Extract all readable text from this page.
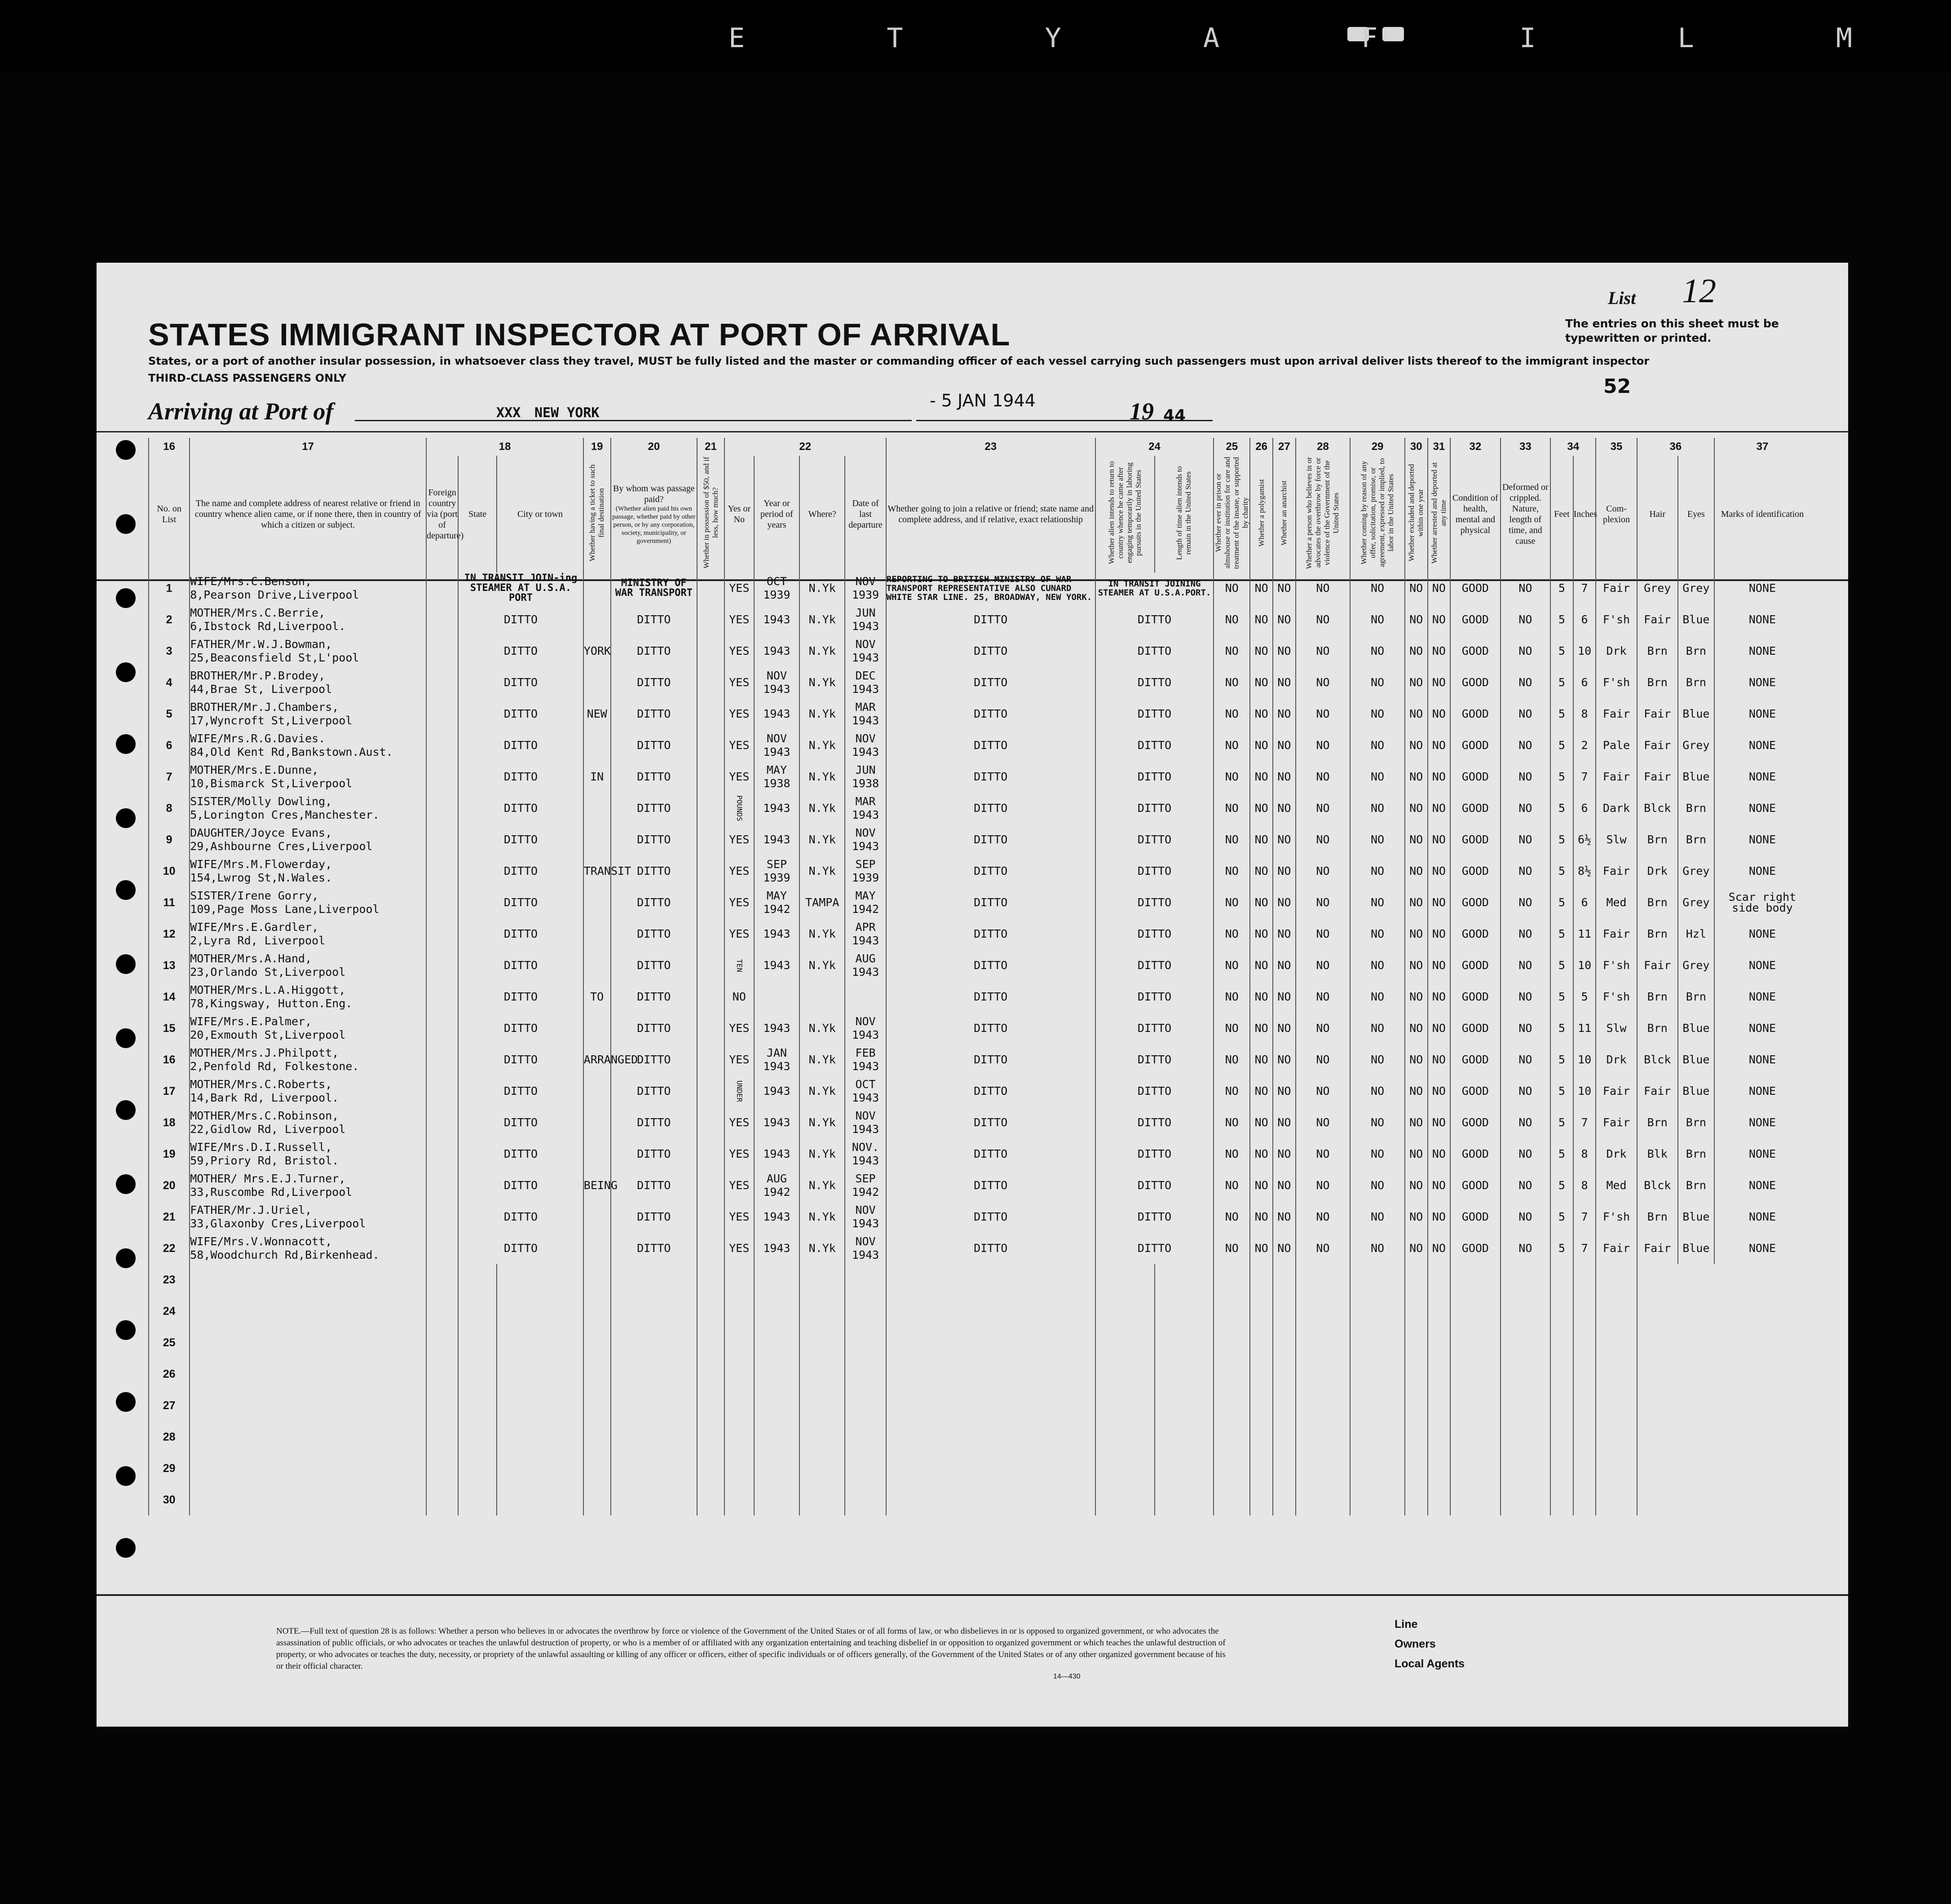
E T Y A F I L M
List 12
STATES IMMIGRANT INSPECTOR AT PORT OF ARRIVAL	The entries on this sheet must be typewritten or printed.
States, or a port of another insular possession, in whatsoever class they travel, MUST be fully listed and the master or commanding officer of each vessel carrying such passengers must upon arrival deliver lists thereof to the immigrant inspector
THIRD-CLASS PASSENGERS ONLY	52
Arriving at Port of	XXX NEW YORK
- 5 JAN 1944	19 44
16	17	18			19	20	21	22				23	24		25	26	27	28	29	30	31	32	33	34		35	36		37
No. on List	The name and complete address of nearest relative or friend in country whence alien came, or if none there, then in country of which a citizen or subject.	Foreign country via (port of departure)	State	City or town	Whether having a ticket to such final destination	By whom was passage paid?
(Whether alien paid his own passage, whether paid by other person, or by any corporation, society, municipality, or government)	Whether in possession of $50, and if less, how much?	Yes or No	Year or period of years	Where?	Date of last departure	Whether going to join a relative or friend; state name and complete address, and if relative, exact relationship	Whether alien intends to return to country whence he came after engaging temporarily in laboring pursuits in the United States	Length of time alien intends to remain in the United States	Whether ever in prison or almshouse or institution for care and treatment of the insane, or supported by charity	Whether a polygamist	Whether an anarchist	Whether a person who believes in or advocates the overthrow by force or violence of the Government of the United States	Whether coming by reason of any offer, solicitation, promise, or agreement, expressed or implied, to labor in the United States	Whether excluded and deported within one year	Whether arrested and deported at any time	Condition of health, mental and physical	Deformed or crippled. Nature, length of time, and cause	Feet	Inches	Com-plexion	Hair	Eyes	Marks of identification
1	WIFE/Mrs.C.Benson,
8,Pearson Drive,Liverpool		IN TRANSIT JOIN-ing STEAMER AT U.S.A. PORT			MINISTRY OF WAR TRANSPORT		YES	OCT 1939	N.Yk	NOV 1939	REPORTING TO BRITISH MINISTRY OF WAR TRANSPORT REPRESENTATIVE ALSO CUNARD WHITE STAR LINE. 25, BROADWAY, NEW YORK.	IN TRANSIT JOINING STEAMER AT U.S.A.PORT.		NO	NO	NO	NO	NO	NO	NO	GOOD	NO	5	7	Fair	Grey	Grey	NONE
2	MOTHER/Mrs.C.Berrie,
6,Ibstock Rd,Liverpool.		DITTO			DITTO		YES	1943	N.Yk	JUN 1943	DITTO	DITTO		NO	NO	NO	NO	NO	NO	NO	GOOD	NO	5	6	F'sh	Fair	Blue	NONE
3	FATHER/Mr.W.J.Bowman,
25,Beaconsfield St,L'pool		DITTO		YORK	DITTO		YES	1943	N.Yk	NOV 1943	DITTO	DITTO		NO	NO	NO	NO	NO	NO	NO	GOOD	NO	5	10	Drk	Brn	Brn	NONE
4	BROTHER/Mr.P.Brodey,
44,Brae St, Liverpool		DITTO			DITTO		YES	NOV 1943	N.Yk	DEC 1943	DITTO	DITTO		NO	NO	NO	NO	NO	NO	NO	GOOD	NO	5	6	F'sh	Brn	Brn	NONE
5	BROTHER/Mr.J.Chambers,
17,Wyncroft St,Liverpool		DITTO		NEW	DITTO		YES	1943	N.Yk	MAR 1943	DITTO	DITTO		NO	NO	NO	NO	NO	NO	NO	GOOD	NO	5	8	Fair	Fair	Blue	NONE
6	WIFE/Mrs.R.G.Davies.
84,Old Kent Rd,Bankstown.Aust.		DITTO			DITTO		YES	NOV 1943	N.Yk	NOV 1943	DITTO	DITTO		NO	NO	NO	NO	NO	NO	NO	GOOD	NO	5	2	Pale	Fair	Grey	NONE
7	MOTHER/Mrs.E.Dunne,
10,Bismarck St,Liverpool		DITTO		IN	DITTO		YES	MAY 1938	N.Yk	JUN 1938	DITTO	DITTO		NO	NO	NO	NO	NO	NO	NO	GOOD	NO	5	7	Fair	Fair	Blue	NONE
8	SISTER/Molly Dowling,
5,Lorington Cres,Manchester.		DITTO			DITTO		POUNDS	1943	N.Yk	MAR 1943	DITTO	DITTO		NO	NO	NO	NO	NO	NO	NO	GOOD	NO	5	6	Dark	Blck	Brn	NONE
9	DAUGHTER/Joyce Evans,
29,Ashbourne Cres,Liverpool		DITTO			DITTO		YES	1943	N.Yk	NOV 1943	DITTO	DITTO		NO	NO	NO	NO	NO	NO	NO	GOOD	NO	5	6½	Slw	Brn	Brn	NONE
10	WIFE/Mrs.M.Flowerday,
154,Lwrog St,N.Wales.		DITTO		TRANSIT	DITTO		YES	SEP 1939	N.Yk	SEP 1939	DITTO	DITTO		NO	NO	NO	NO	NO	NO	NO	GOOD	NO	5	8½	Fair	Drk	Grey	NONE
11	SISTER/Irene Gorry,
109,Page Moss Lane,Liverpool		DITTO			DITTO		YES	MAY 1942	TAMPA	MAY 1942	DITTO	DITTO		NO	NO	NO	NO	NO	NO	NO	GOOD	NO	5	6	Med	Brn	Grey	Scar right side body
12	WIFE/Mrs.E.Gardler,
2,Lyra Rd, Liverpool		DITTO			DITTO		YES	1943	N.Yk	APR 1943	DITTO	DITTO		NO	NO	NO	NO	NO	NO	NO	GOOD	NO	5	11	Fair	Brn	Hzl	NONE
13	MOTHER/Mrs.A.Hand,
23,Orlando St,Liverpool		DITTO			DITTO		TEN	1943	N.Yk	AUG 1943	DITTO	DITTO		NO	NO	NO	NO	NO	NO	NO	GOOD	NO	5	10	F'sh	Fair	Grey	NONE
14	MOTHER/Mrs.L.A.Higgott,
78,Kingsway, Hutton.Eng.		DITTO		TO	DITTO		NO				DITTO	DITTO		NO	NO	NO	NO	NO	NO	NO	GOOD	NO	5	5	F'sh	Brn	Brn	NONE
15	WIFE/Mrs.E.Palmer,
20,Exmouth St,Liverpool		DITTO			DITTO		YES	1943	N.Yk	NOV 1943	DITTO	DITTO		NO	NO	NO	NO	NO	NO	NO	GOOD	NO	5	11	Slw	Brn	Blue	NONE
16	MOTHER/Mrs.J.Philpott,
2,Penfold Rd, Folkestone.		DITTO		ARRANGED	DITTO		YES	JAN 1943	N.Yk	FEB 1943	DITTO	DITTO		NO	NO	NO	NO	NO	NO	NO	GOOD	NO	5	10	Drk	Blck	Blue	NONE
17	MOTHER/Mrs.C.Roberts,
14,Bark Rd, Liverpool.		DITTO			DITTO		UNDER	1943	N.Yk	OCT 1943	DITTO	DITTO		NO	NO	NO	NO	NO	NO	NO	GOOD	NO	5	10	Fair	Fair	Blue	NONE
18	MOTHER/Mrs.C.Robinson,
22,Gidlow Rd, Liverpool		DITTO			DITTO		YES	1943	N.Yk	NOV 1943	DITTO	DITTO		NO	NO	NO	NO	NO	NO	NO	GOOD	NO	5	7	Fair	Brn	Brn	NONE
19	WIFE/Mrs.D.I.Russell,
59,Priory Rd, Bristol.		DITTO			DITTO		YES	1943	N.Yk	NOV. 1943	DITTO	DITTO		NO	NO	NO	NO	NO	NO	NO	GOOD	NO	5	8	Drk	Blk	Brn	NONE
20	MOTHER/ Mrs.E.J.Turner,
33,Ruscombe Rd,Liverpool		DITTO		BEING	DITTO		YES	AUG 1942	N.Yk	SEP 1942	DITTO	DITTO		NO	NO	NO	NO	NO	NO	NO	GOOD	NO	5	8	Med	Blck	Brn	NONE
21	FATHER/Mr.J.Uriel,
33,Glaxonby Cres,Liverpool		DITTO			DITTO		YES	1943	N.Yk	NOV 1943	DITTO	DITTO		NO	NO	NO	NO	NO	NO	NO	GOOD	NO	5	7	F'sh	Brn	Blue	NONE
22	WIFE/Mrs.V.Wonnacott,
58,Woodchurch Rd,Birkenhead.		DITTO			DITTO		YES	1943	N.Yk	NOV 1943	DITTO	DITTO		NO	NO	NO	NO	NO	NO	NO	GOOD	NO	5	7	Fair	Fair	Blue	NONE
23																													
24																													
25																													
26																													
27																													
28																													
29																													
30																													
NOTE.—Full text of question 28 is as follows: Whether a person who believes in or advocates the overthrow by force or violence of the Government of the United States or of all forms of law, or who disbelieves in or is opposed to organized government, or who advocates the assassination of public officials, or who advocates or teaches the unlawful destruction of property, or who is a member of or affiliated with any organization entertaining and teaching disbelief in or opposition to organized government or which teaches the unlawful destruction of property, or who advocates or teaches the duty, necessity, or propriety of the unlawful assaulting or killing of any officer or officers, either of specific individuals or of officers generally, of the Government of the United States or of any other organized government because of his or their official character.
14—430
Line
Owners
Local Agents
